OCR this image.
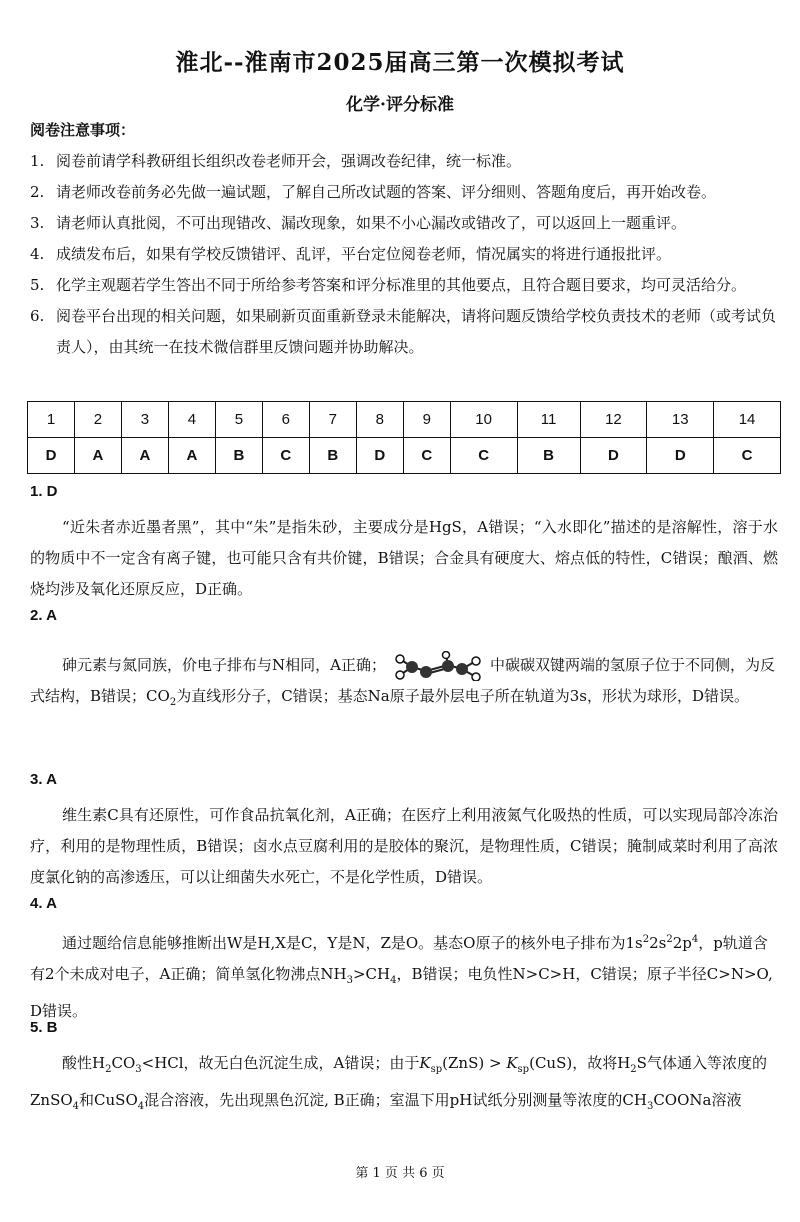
淮北--淮南市2025届高三第一次模拟考试
化学·评分标准
阅卷注意事项：
1. 阅卷前请学科教研组长组织改卷老师开会，强调改卷纪律，统一标准。
2. 请老师改卷前务必先做一遍试题，了解自己所改试题的答案、评分细则、答题角度后，再开始改卷。
3. 请老师认真批阅，不可出现错改、漏改现象，如果不小心漏改或错改了，可以返回上一题重评。
4. 成绩发布后，如果有学校反馈错评、乱评，平台定位阅卷老师，情况属实的将进行通报批评。
5. 化学主观题若学生答出不同于所给参考答案和评分标准里的其他要点，且符合题目要求，均可灵活给分。
6. 阅卷平台出现的相关问题，如果刷新页面重新登录未能解决，请将问题反馈给学校负责技术的老师（或考试负责人），由其统一在技术微信群里反馈问题并协助解决。
1	2	3	4	5	6	7	8	9	10	11	12	13	14
D	A	A	A	B	C	B	D	C	C	B	D	D	C
1. D
“近朱者赤近墨者黑”，其中“朱”是指朱砂，主要成分是HgS，A错误；“入水即化”描述的是溶解性，溶于水的物质中不一定含有离子键，也可能只含有共价键，B错误；合金具有硬度大、熔点低的特性，C错误；酿酒、燃烧均涉及氧化还原反应，D正确。
2. A
砷元素与氮同族，价电子排布与N相同，A正确；	中碳碳双键两端的氢原子位于不同侧，为反式结构，B错误；$CO_2$为直线形分子，C错误；基态Na原子最外层电子所在轨道为3s，形状为球形，D错误。
3. A
维生素C具有还原性，可作食品抗氧化剂，A正确；在医疗上利用液氮气化吸热的性质，可以实现局部冷冻治疗，利用的是物理性质，B错误；卤水点豆腐利用的是胶体的聚沉，是物理性质，C错误；腌制咸菜时利用了高浓度氯化钠的高渗透压，可以让细菌失水死亡，不是化学性质，D错误。
4. A
通过题给信息能够推断出W是H,X是C，Y是N，Z是O。基态O原子的核外电子排布为$1s^22s^22p^4$，p轨道含有2个未成对电子，A正确；简单氢化物沸点$NH_3>CH_4$，B错误；电负性N>C>H，C错误；原子半径C>N>O, D错误。
5. B
酸性$H_2CO_3<HCl$，故无白色沉淀生成，A错误；由于$K_{sp}(ZnS) > K_{sp}(CuS)$，故将$H_2S$气体通入等浓度的ZnSO$_4$和CuSO$_4$混合溶液，先出现黑色沉淀, B正确；室温下用pH试纸分别测量等浓度的$CH_3COONa$溶液
第 1 页 共 6 页
